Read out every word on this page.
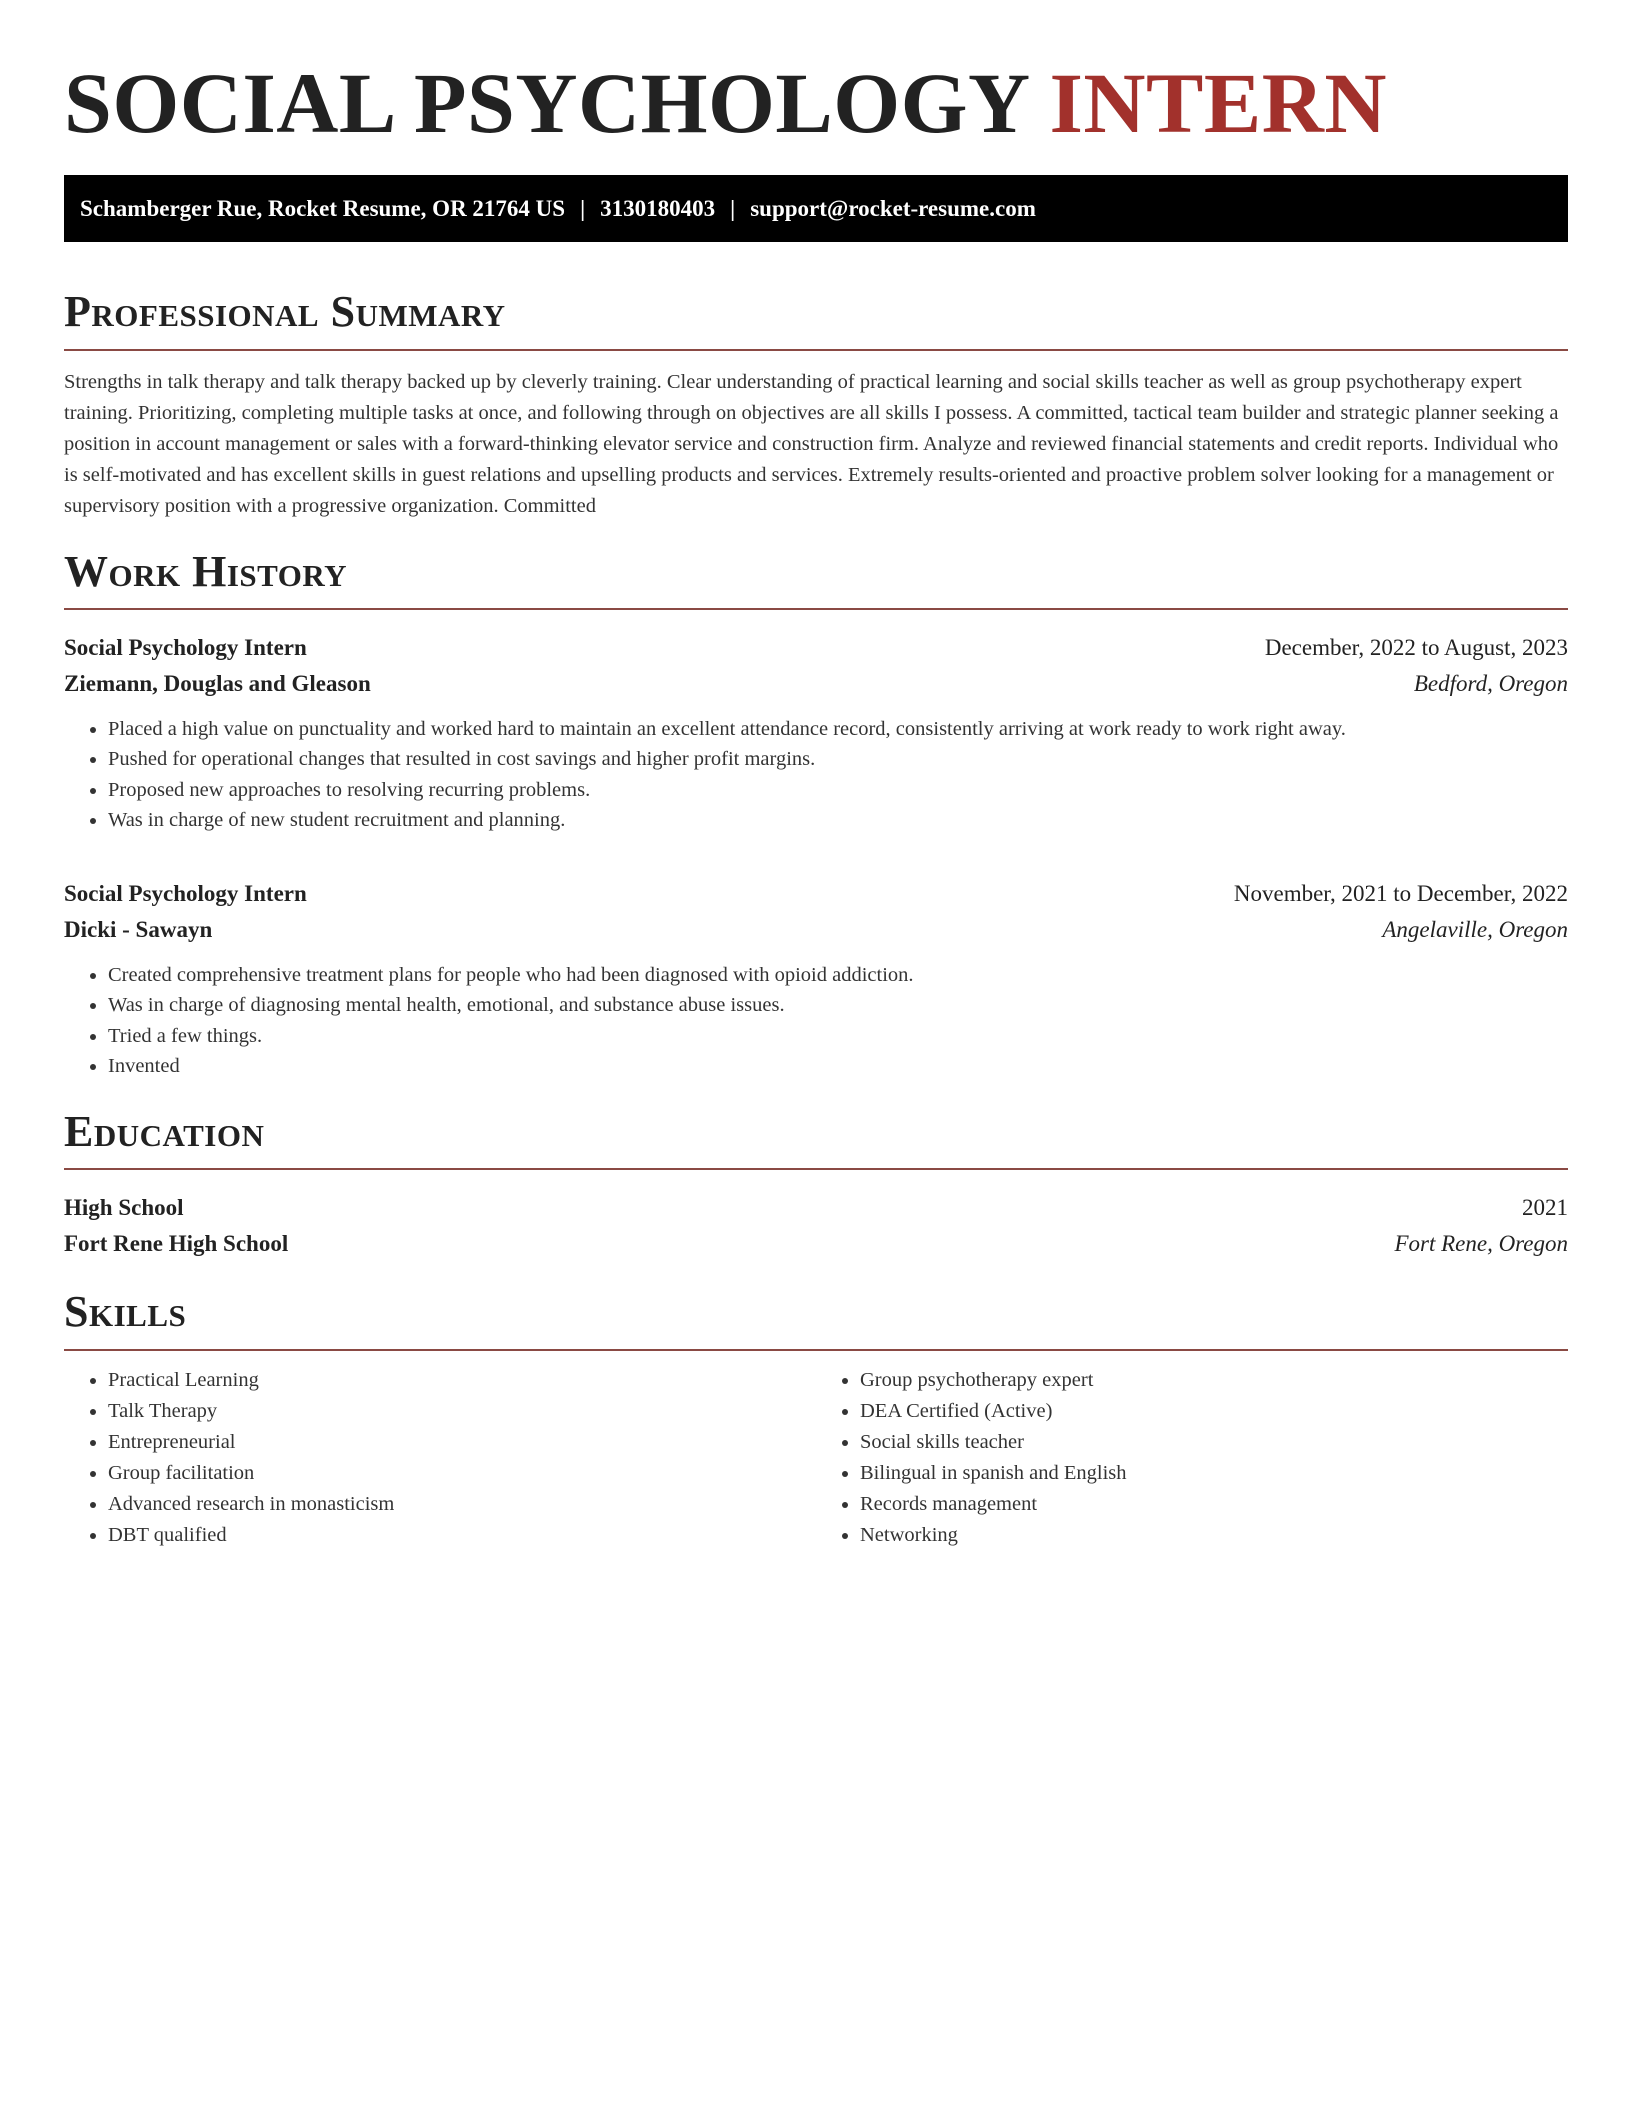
SOCIAL PSYCHOLOGY INTERN
Schamberger Rue, Rocket Resume, OR 21764 US | 3130180403 | support@rocket-resume.com
Professional Summary

Strengths in talk therapy and talk therapy backed up by cleverly training. Clear understanding of practical learning and social skills teacher as well as group psychotherapy expert training. Prioritizing, completing multiple tasks at once, and following through on objectives are all skills I possess. A committed, tactical team builder and strategic planner seeking a position in account management or sales with a forward-thinking elevator service and construction firm. Analyze and reviewed financial statements and credit reports. Individual who is self-motivated and has excellent skills in guest relations and upselling products and services. Extremely results-oriented and proactive problem solver looking for a management or supervisory position with a progressive organization. Committed

Work History
Social Psychology Intern	December, 2022 to August, 2023
Ziemann, Douglas and Gleason	Bedford, Oregon
• Placed a high value on punctuality and worked hard to maintain an excellent attendance record, consistently arriving at work ready to work right away.
• Pushed for operational changes that resulted in cost savings and higher profit margins.
• Proposed new approaches to resolving recurring problems.
• Was in charge of new student recruitment and planning.
Social Psychology Intern	November, 2021 to December, 2022
Dicki - Sawayn	Angelaville, Oregon
• Created comprehensive treatment plans for people who had been diagnosed with opioid addiction.
• Was in charge of diagnosing mental health, emotional, and substance abuse issues.
• Tried a few things.
• Invented
Education
High School	2021
Fort Rene High School	Fort Rene, Oregon
Skills
• Practical Learning
• Talk Therapy
• Entrepreneurial
• Group facilitation
• Advanced research in monasticism
• DBT qualified
• Group psychotherapy expert
• DEA Certified (Active)
• Social skills teacher
• Bilingual in spanish and English
• Records management
• Networking
